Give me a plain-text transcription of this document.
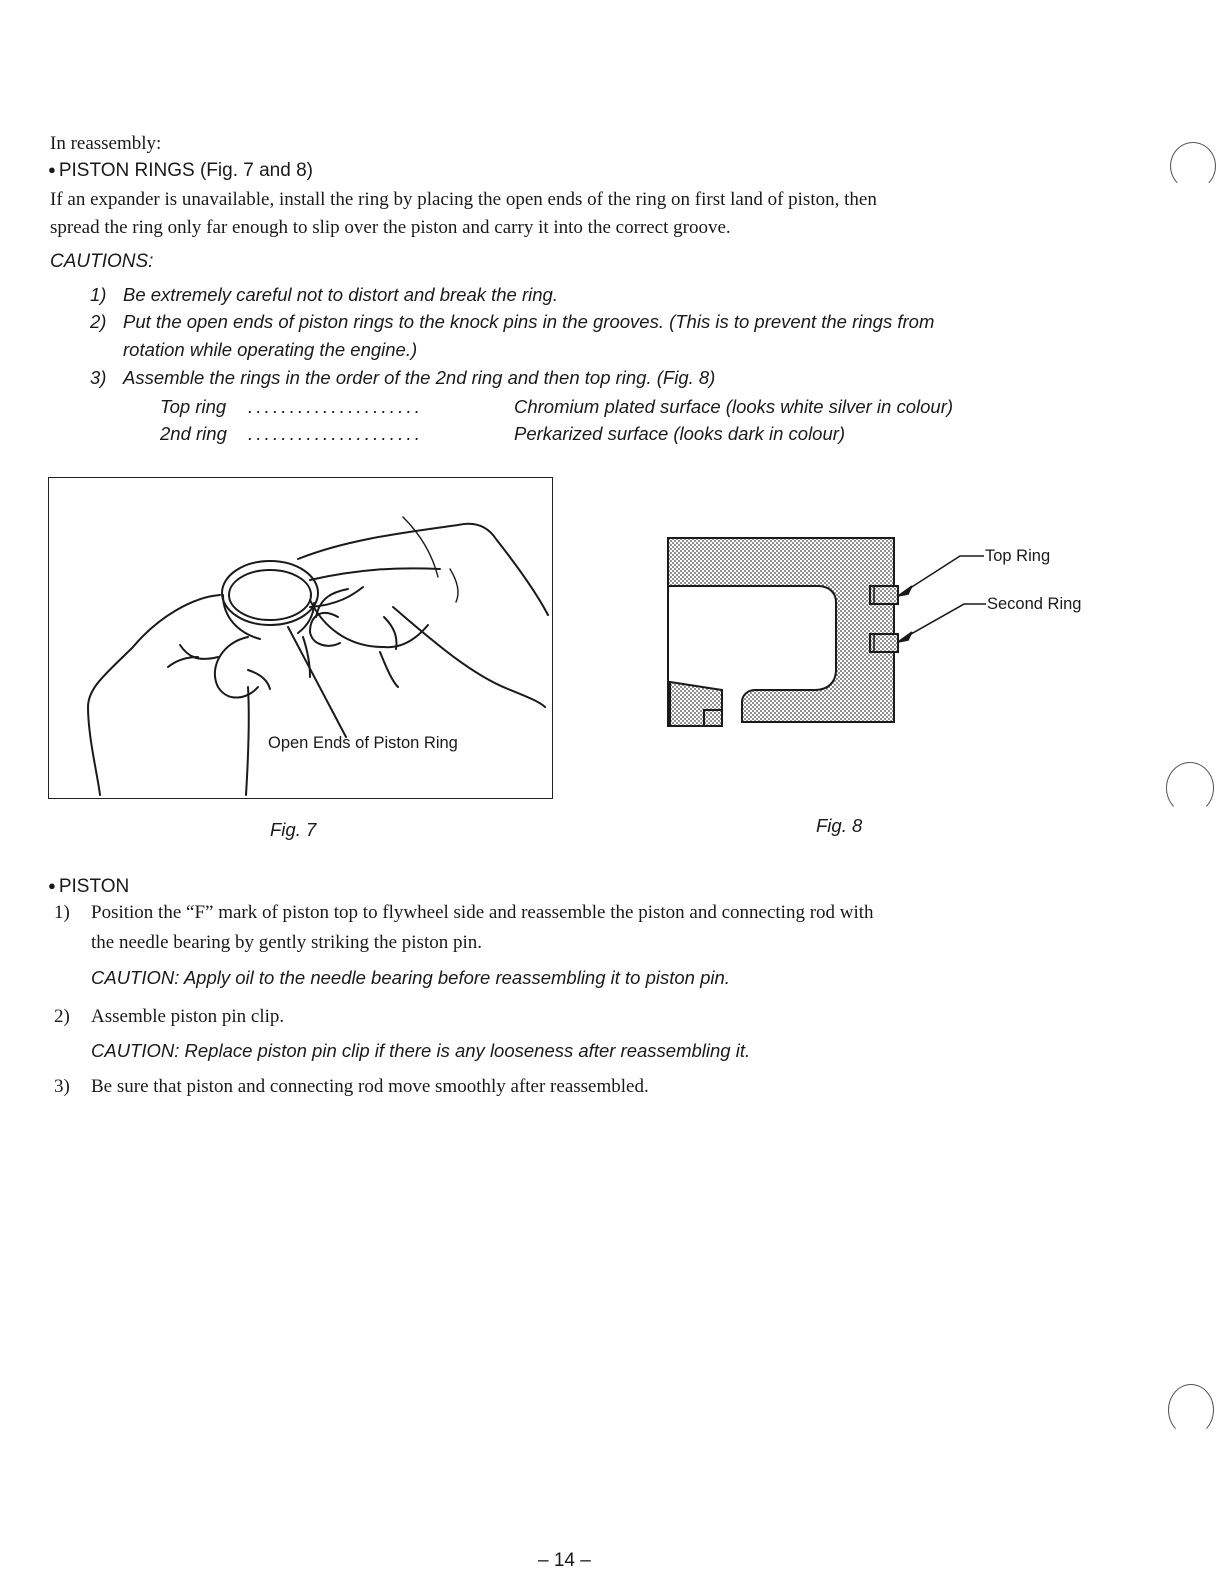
In reassembly:
● PISTON RINGS (Fig. 7 and 8)
If an expander is unavailable, install the ring by placing the open ends of the ring on first land of piston, then
spread the ring only far enough to slip over the piston and carry it into the correct groove.
CAUTIONS:
1) Be extremely careful not to distort and break the ring.
2) Put the open ends of piston rings to the knock pins in the grooves. (This is to prevent the rings from
rotation while operating the engine.)
3) Assemble the rings in the order of the 2nd ring and then top ring. (Fig. 8)
Top ring .....................	Chromium plated surface (looks white silver in colour)
2nd ring .....................	Perkarized surface (looks dark in colour)
Open Ends of Piston Ring
Fig. 7
Top Ring
Second Ring
Fig. 8
● PISTON
1) Position the “F” mark of piston top to flywheel side and reassemble the piston and connecting rod with
the needle bearing by gently striking the piston pin.
CAUTION: Apply oil to the needle bearing before reassembling it to piston pin.
2) Assemble piston pin clip.
CAUTION: Replace piston pin clip if there is any looseness after reassembling it.
3) Be sure that piston and connecting rod move smoothly after reassembled.
– 14 –
